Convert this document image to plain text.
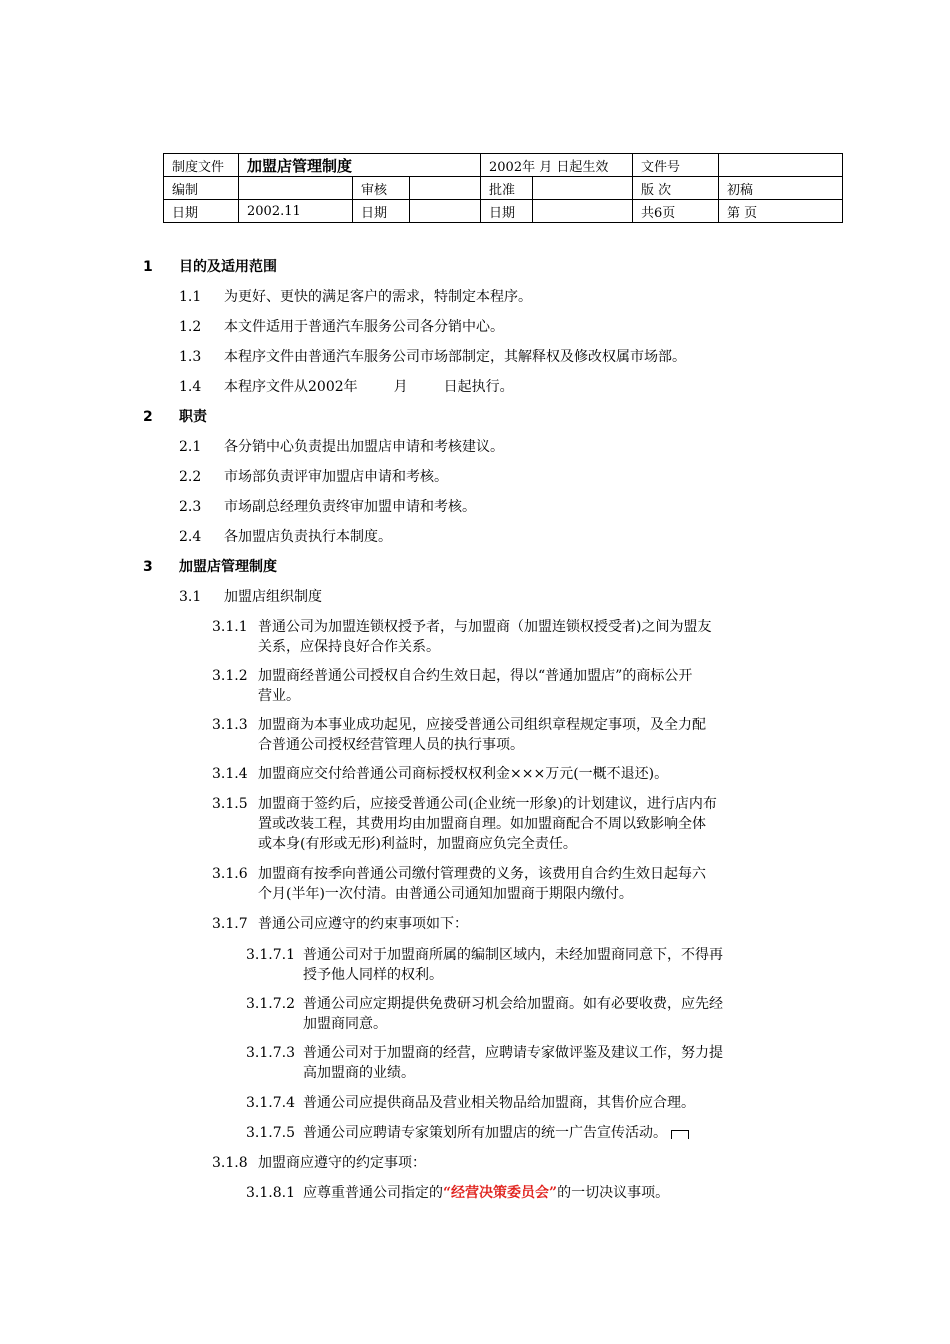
制度文件	加盟店管理制度			2002年 月 日起生效		文件号	
编制		审核		批准		版 次	初稿
日期	2002.11	日期		日期		共6页	第 页
1 目的及适用范围
1.1 为更好、更快的满足客户的需求，特制定本程序。
1.2 本文件适用于普通汽车服务公司各分销中心。
1.3 本程序文件由普通汽车服务公司市场部制定，其解释权及修改权属市场部。
1.4 本程序文件从2002年	月	日起执行。
2 职责
2.1 各分销中心负责提出加盟店申请和考核建议。
2.2 市场部负责评审加盟店申请和考核。
2.3 市场副总经理负责终审加盟申请和考核。
2.4 各加盟店负责执行本制度。
3 加盟店管理制度
3.1 加盟店组织制度
3.1.1 普通公司为加盟连锁权授予者，与加盟商（加盟连锁权授受者)之间为盟友
关系，应保持良好合作关系。
3.1.2 加盟商经普通公司授权自合约生效日起，得以“普通加盟店”的商标公开
营业。
3.1.3 加盟商为本事业成功起见，应接受普通公司组织章程规定事项，及全力配
合普通公司授权经营管理人员的执行事项。
3.1.4 加盟商应交付给普通公司商标授权权利金×××万元(一概不退还)。
3.1.5 加盟商于签约后，应接受普通公司(企业统一形象)的计划建议，进行店内布
置或改装工程，其费用均由加盟商自理。如加盟商配合不周以致影响全体
或本身(有形或无形)利益时，加盟商应负完全责任。
3.1.6 加盟商有按季向普通公司缴付管理费的义务，该费用自合约生效日起每六
个月(半年)一次付清。由普通公司通知加盟商于期限内缴付。
3.1.7 普通公司应遵守的约束事项如下：
3.1.7.1 普通公司对于加盟商所属的编制区域内，未经加盟商同意下，不得再
授予他人同样的权利。
3.1.7.2 普通公司应定期提供免费研习机会给加盟商。如有必要收费，应先经
加盟商同意。
3.1.7.3 普通公司对于加盟商的经营，应聘请专家做评鉴及建议工作，努力提
高加盟商的业绩。
3.1.7.4 普通公司应提供商品及营业相关物品给加盟商，其售价应合理。
3.1.7.5 普通公司应聘请专家策划所有加盟店的统一广告宣传活动。
3.1.8 加盟商应遵守的约定事项：
3.1.8.1 应尊重普通公司指定的“经营决策委员会”的一切决议事项。
